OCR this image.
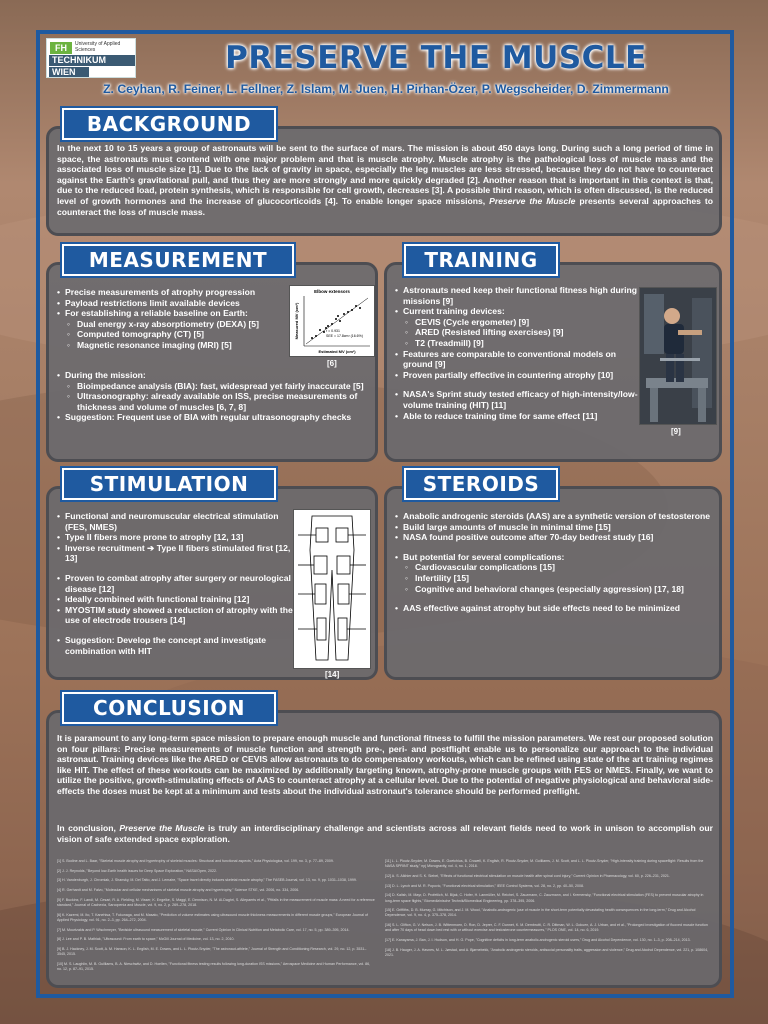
FH	University of Applied Sciences
TECHNIKUM
WIEN	PRESERVE THE MUSCLE
Z. Ceyhan, R. Feiner, L. Fellner, Z. Islam, M. Juen, H. Pirhan-Özer, P. Wegscheider, D. Zimmermann
In the next 10 to 15 years a group of astronauts will be sent to the surface of mars. The mission is about 450 days long. During such a long period of time in space, the astronauts must contend with one major problem and that is muscle atrophy. Muscle atrophy is the pathological loss of muscle mass and the associated loss of muscle size [1]. Due to the lack of gravity in space, especially the leg muscles are less stressed, because they do not have to counteract against the Earth's gravitational pull, and thus they are more strongly and more quickly degraded [2]. Another reason that is important in this context is that, due to the reduced load, protein synthesis, which is responsible for cell growth, decreases [3]. A possible third reason, which is often discussed, is the reduced level of growth hormones and the increase of glucocorticoids [4]. To enable longer space missions, Preserve the Muscle presents several approaches to counteract the loss of muscle mass.
BACKGROUND
• Precise measurements of atrophy progression
• Payload restrictions limit available devices
• For establishing a reliable baseline on Earth:
◦ Dual energy x-ray absorptiometry (DEXA) [5]
◦ Computed tomography (CT) [5]
◦ Magnetic resonance imaging (MRI) [5]
• During the mission:
◦ Bioimpedance analysis (BIA): fast, widespread yet fairly inaccurate [5]
◦ Ultrasonography: already available on ISS, precise measurements of thickness and volume of muscles [6, 7, 8]
• Suggestion: Frequent use of BIA with regular ultrasonography checks
Elbow extensors
r = 0.931
SEE = 17.8cm³ (16.6%)
Estimated MV (cm³)
Measured MV (cm³)
[6]
MEASUREMENT
• Astronauts need keep their functional fitness high during missions [9]
• Current training devices:
◦ CEVIS (Cycle ergometer) [9]
◦ ARED (Resisted lifting exercises) [9]
◦ T2 (Treadmill) [9]
• Features are comparable to conventional models on ground [9]
• Proven partially effective in countering atrophy [10]
• NASA's Sprint study tested efficacy of high-intensity/low-volume training (HIT) [11]
• Able to reduce training time for same effect [11]
[9]
TRAINING
• Functional and neuromuscular electrical stimulation (FES, NMES)
• Type II fibers more prone to atrophy [12, 13]
• Inverse recruitment ➔ Type II fibers stimulated first [12, 13]
• Proven to combat atrophy after surgery or neurological disease [12]
• Ideally combined with functional training [12]
• MYOSTIM study showed a reduction of atrophy with the use of electrode trousers [14]
• Suggestion: Develop the concept and investigate combination with HIT
[14]
STIMULATION
• Anabolic androgenic steroids (AAS) are a synthetic version of testosterone
• Build large amounts of muscle in minimal time [15]
• NASA found positive outcome after 70-day bedrest study [16]
• But potential for several complications:
◦ Cardiovascular complications [15]
◦ Infertility [15]
◦ Cognitive and behavioral changes (especially aggression) [17, 18]
• AAS effective against atrophy but side effects need to be minimized
STEROIDS
It is paramount to any long-term space mission to prepare enough muscle and functional fitness to fulfill the mission parameters. We rest our proposed solution on four pillars: Precise measurements of muscle function and strength pre-, peri- and postflight enable us to personalize our approach to the individual astronaut. Training devices like the ARED or CEVIS allow astronauts to do compensatory workouts, which can be refined using state of the art training regimes like HIT. The effect of these workouts can be maximized by additionally targeting known, atrophy-prone muscle groups with FES or NMES. Finally, we want to utilize the positive, growth-stimulating effects of AAS to counteract atrophy at a cellular level. Due to the potential of negative physiological and behavioral side-effects the doses must be kept at a minimum and tests about the individual astronaut's tolerance should be performed preflight.
In conclusion, Preserve the Muscle is truly an interdisciplinary challenge and scientists across all relevant fields need to work in unison to accomplish our vision of safe extended space exploration.
[1] S. Bodine and L. Baar, "Skeletal muscle atrophy and hypertrophy of skeletal muscles: Structural and functional aspects," Acta Physiologica, vol. 199, no. 3, p. 77–89, 2009.
[2] J. J. Reynolds, "Beyond low-Earth health issues for Deep Space Exploration," NASA/Open, 2022.
[3] H. Vandenburgh, J. Chromiak, J. Shansky, M. Del Tatto, and J. Lemaire, "Space travel directly induces skeletal muscle atrophy," The FASEB Journal, vol. 13, no. 9, pp. 1031–1038, 1999.
[4] R. Gerhardt and M. Falvo, "Molecular and cellular mechanisms of skeletal muscle atrophy and hypertrophy," Science STKE, vol. 2006, no. 334, 2006.
[5] F. Buckinx, F. Landi, M. Cesari, R. A. Fielding, M. Visser, K. Engelke, S. Maggi, E. Dennison, N. M. Al-Daghri, S. Allepaerts et al., "Pitfalls in the measurement of muscle mass: A need for a reference standard," Journal of Cachexia, Sarcopenia and Muscle, vol. 9, no. 2, p. 269–278, 2018.
[6] K. Kazemi, M. Ito, T. Kanehisa, T. Fukunaga, and M. Masato, "Prediction of volume estimates using ultrasound muscle thickness measurements in different muscle groups," European Journal of Applied Physiology, vol. 91, no. 2–3, pp. 264–272, 2004.
[7] M. Mourtzakis and P. Wischmeyer, "Bedside ultrasound measurement of skeletal muscle," Current Opinion in Clinical Nutrition and Metabolic Care, vol. 17, no. 5, pp. 389–395, 2014.
[8] J. Lee and P. B. Mathiak, "Ultrasound: From earth to space," McGill Journal of Medicine, vol. 13, no. 2, 2010.
[9] B. J. Hackney, J. M. Scott, A. M. Hanson, K. L. English, M. E. Downs, and L. L. Ploutz-Snyder, "The astronaut-athlete," Journal of Strength and Conditioning Research, vol. 29, no. 12, p. 3531–3545, 2015.
[10] M. S. Laughlin, M. B. Guilliams, B. A. Nieschwitz, and D. Hoellen, "Functional fitness testing results following long-duration ISS missions," Aerospace Medicine and Human Performance, vol. 86, no. 12, p. 87–91, 2015.
[11] L. L. Ploutz-Snyder, M. Downs, E. Goetchius, B. Crowell, K. English, R. Ploutz-Snyder, M. Guilliams, J. M. Scott, and L. L. Ploutz-Snyder, "High-intensity training during spaceflight: Results from the NASA SPRINT study," npj Microgravity, vol. 4, no. 1, 2018.
[12] A. S. Alkhier and S. K. Siebel, "Effects of functional electrical stimulation on muscle health after spinal cord injury," Current Opinion in Pharmacology, vol. 60, p. 226–231, 2021.
[13] D. L. Lynch and M. R. Popovic, "Functional electrical stimulation," IEEE Control Systems, vol. 28, no. 2, pp. 40–50, 2008.
[14] D. Kalish, M. Mayr, D. Profetlich, M. Bijak, C. Hofer, H. Lanmüller, M. Reichel, S. Zauzmann, C. Zauzmann, and I. Kremensky, "Functional electrical stimulation (FES) to prevent muscular atrophy in long-term space flights," Biomedizinische Technik/Biomedical Engineering, pp. 378–395, 2006.
[15] E. Griffiths, D. B. Murray, G. Mitchison, and J. M. Wood, "Anabolic-androgenic (use of muscle in the short-term potentially devastating health consequences in the long-term," Drug and Alcohol Dependence, vol. 9, no. 4, p. 375–378, 2014.
[16] S. L. Glifton, G. V. Nelson, J. B. Wittenmoen, D. Ron, D. Jeprer, C. F. Dunnet, K. M. Dembrutti, C. R. Dittman, W. L. Gokuen, A. J. Urban, and et al., "Prolonged investigation of fluoxed muscle function and after 70 days of head down bed rest with or without exercise and testosterone countermeasures," PLOS ONE, vol. 14, no. 6, 2019.
[17] E. Kanayama, J. Ban, J. I. Hudson, and H. G. Pope, "Cognitive deficits in long-term anabolic-androgenic steroid users," Drug and Alcohol Dependence, vol. 130, no. 1–3, p. 208–214, 2013.
[18] J. B. Hauger, J. A. Havnes, M. L. Jørstad, and A. Bjørnebekk, "Anabolic androgenic steroids, antisocial personality traits, aggression and violence," Drug and Alcohol Dependence, vol. 221, p. 108604, 2021.
CONCLUSION
